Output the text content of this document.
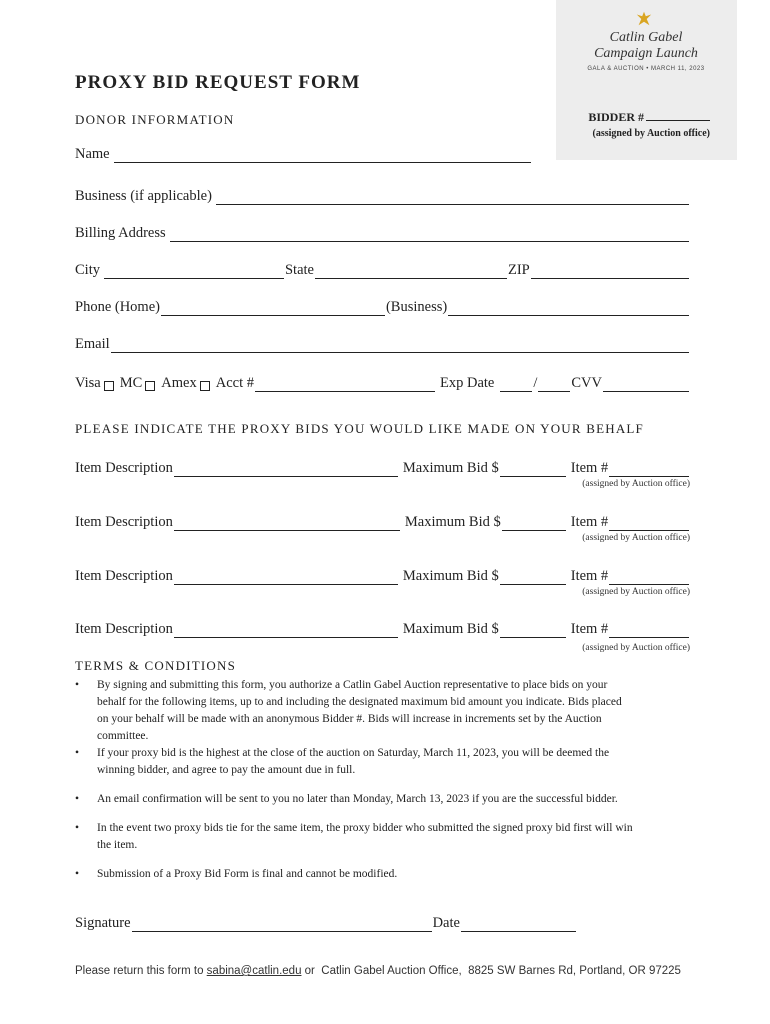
Catlin Gabel
Campaign Launch
GALA & AUCTION • MARCH 11, 2023
BIDDER #
(assigned by Auction office)
PROXY BID REQUEST FORM
DONOR INFORMATION
Name
Business (if applicable)
Billing Address
City	State	ZIP
Phone (Home)	(Business)
Email
Visa MC Amex Acct #	Exp Date	/ CVV
PLEASE INDICATE THE PROXY BIDS YOU WOULD LIKE MADE ON YOUR BEHALF
Item Description	Maximum Bid $	Item #
(assigned by Auction office)
Item Description	Maximum Bid $	Item #
(assigned by Auction office)
Item Description	Maximum Bid $	Item #
(assigned by Auction office)
Item Description	Maximum Bid $	Item #
(assigned by Auction office)
TERMS & CONDITIONS
•	By signing and submitting this form, you authorize a Catlin Gabel Auction representative to place bids on your behalf for the following items, up to and including the designated maximum bid amount you indicate. Bids placed on your behalf will be made with an anonymous Bidder #. Bids will increase in increments set by the Auction committee.
•	If your proxy bid is the highest at the close of the auction on Saturday, March 11, 2023, you will be deemed the winning bidder, and agree to pay the amount due in full.
•	An email confirmation will be sent to you no later than Monday, March 13, 2023 if you are the successful bidder.
•	In the event two proxy bids tie for the same item, the proxy bidder who submitted the signed proxy bid first will win the item.
•	Submission of a Proxy Bid Form is final and cannot be modified.
Signature	Date
Please return this form to sabina@catlin.edu or  Catlin Gabel Auction Office,  8825 SW Barnes Rd, Portland, OR 97225
